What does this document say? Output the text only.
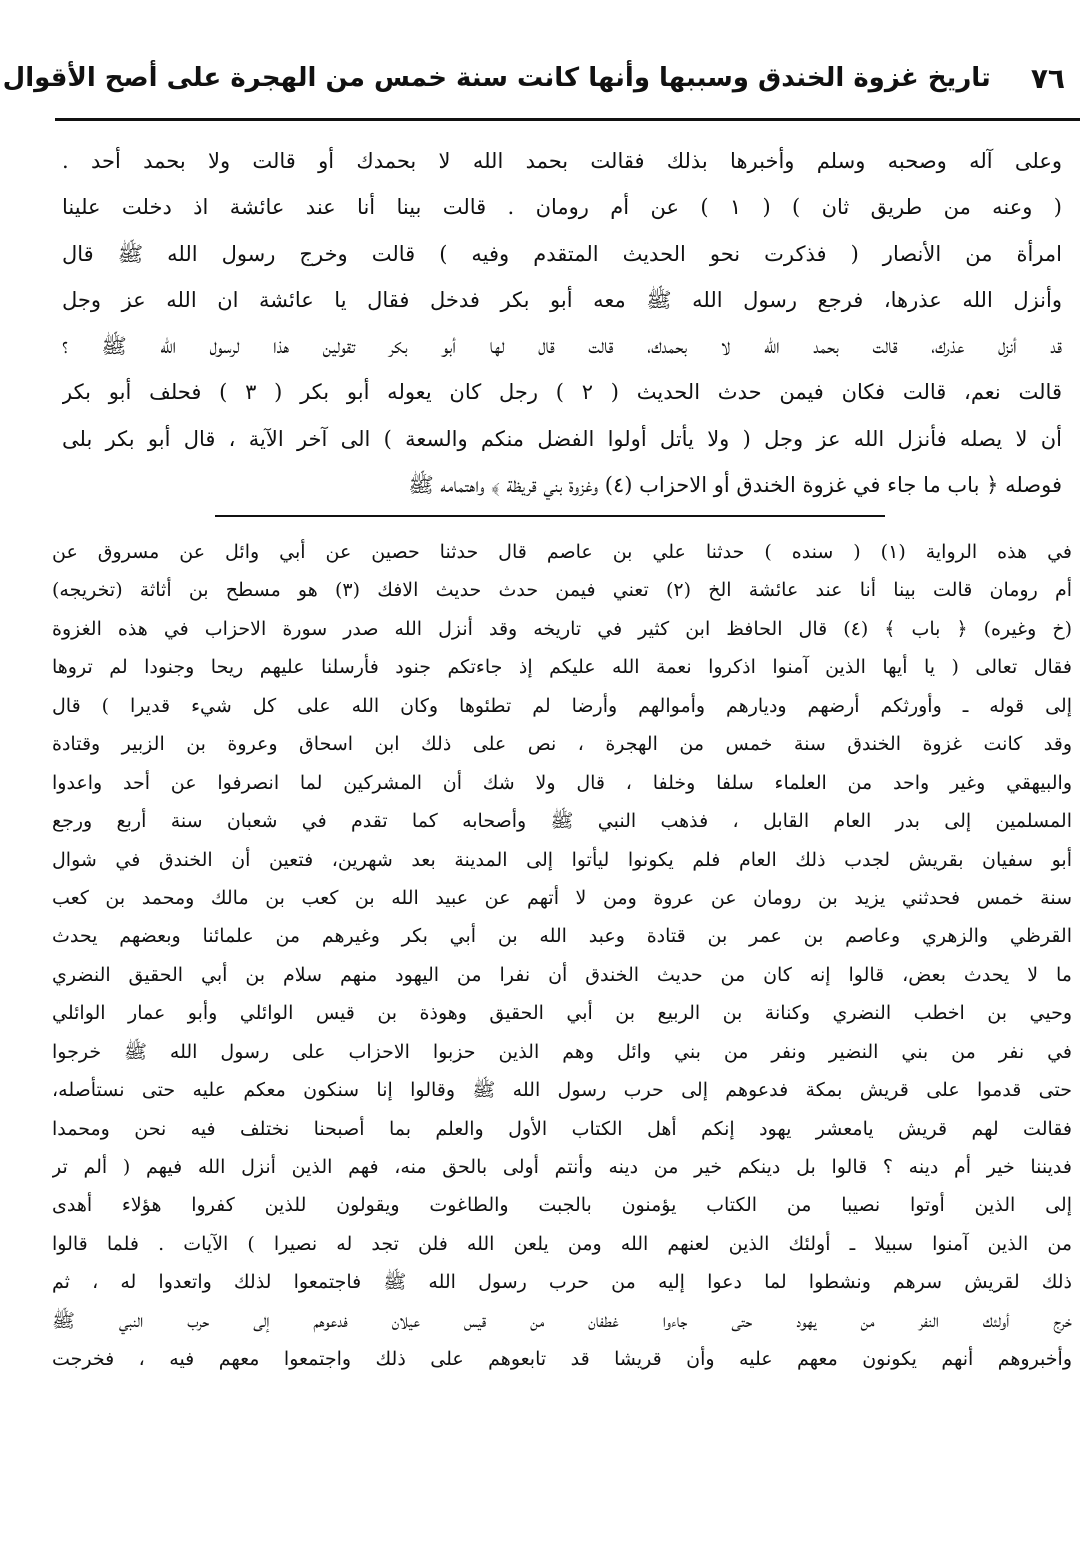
٧٦
تاريخ غزوة الخندق وسببها وأنها كانت سنة خمس من الهجرة على أصح الأقوال
وعلى آله وصحبه وسلم وأخبرها بذلك فقالت بحمد الله لا بحمدك أو قالت ولا بحمد أحد .
( وعنه من طريق ثان ) ( ١ ) عن أم رومان . قالت بينا أنا عند عائشة اذ دخلت علينا
امرأة من الأنصار ( فذكرت نحو الحديث المتقدم وفيه ) قالت وخرج رسول الله ﷺ قال
وأنزل الله عذرها، فرجع رسول الله ﷺ معه أبو بكر فدخل فقال يا عائشة ان الله عز وجل
قد أنزل عذرك، قالت بحمد الله لا بحمدك، قالت قال لها أبو بكر تقولين هذا لرسول الله ﷺ ؟
قالت نعم، قالت فكان فيمن حدث الحديث ( ٢ ) رجل كان يعوله أبو بكر ( ٣ ) فحلف أبو بكر
أن لا يصله فأنزل الله عز وجل ( ولا يأتل أولوا الفضل منكم والسعة ) الى آخر الآية ، قال أبو بكر بلى
فوصله ﴿ باب ما جاء في غزوة الخندق أو الاحزاب (٤) وغزوة بني قريظة ﴾ واهتمامه ﷺ
في هذه الرواية (١) ( سنده ) حدثنا علي بن عاصم قال حدثنا حصين عن أبي وائل عن مسروق عن
أم رومان قالت بينا أنا عند عائشة الخ (٢) تعني فيمن حدث حديث الافك (٣) هو مسطح بن أثاثة (تخريجه)
(خ وغيره) ﴿ باب ﴾ (٤) قال الحافظ ابن كثير في تاريخه وقد أنزل الله صدر سورة الاحزاب في هذه الغزوة
فقال تعالى ( يا أيها الذين آمنوا اذكروا نعمة الله عليكم إذ جاءتكم جنود فأرسلنا عليهم ريحا وجنودا لم تروها
إلى قوله ـ وأورثكم أرضهم وديارهم وأموالهم وأرضا لم تطئوها وكان الله على كل شيء قديرا ) قال
وقد كانت غزوة الخندق سنة خمس من الهجرة ، نص على ذلك ابن اسحاق وعروة بن الزبير وقتادة
والبيهقي وغير واحد من العلماء سلفا وخلفا ، قال ولا شك أن المشركين لما انصرفوا عن أحد واعدوا
المسلمين إلى بدر العام القابل ، فذهب النبي ﷺ وأصحابه كما تقدم في شعبان سنة أربع ورجع
أبو سفيان بقريش لجدب ذلك العام فلم يكونوا ليأتوا إلى المدينة بعد شهرين، فتعين أن الخندق في شوال
سنة خمس فحدثني يزيد بن رومان عن عروة ومن لا أتهم عن عبيد الله بن كعب بن مالك ومحمد بن كعب
القرظي والزهري وعاصم بن عمر بن قتادة وعبد الله بن أبي بكر وغيرهم من علمائنا وبعضهم يحدث
ما لا يحدث بعض، قالوا إنه كان من حديث الخندق أن نفرا من اليهود منهم سلام بن أبي الحقيق النضري
وحيي بن اخطب النضري وكنانة بن الربيع بن أبي الحقيق وهوذة بن قيس الوائلي وأبو عمار الوائلي
في نفر من بني النضير ونفر من بني وائل وهم الذين حزبوا الاحزاب على رسول الله ﷺ خرجوا
حتى قدموا على قريش بمكة فدعوهم إلى حرب رسول الله ﷺ وقالوا إنا سنكون معكم عليه حتى نستأصله،
فقالت لهم قريش يامعشر يهود إنكم أهل الكتاب الأول والعلم بما أصبحنا نختلف فيه نحن ومحمدا
فديننا خير أم دينه ؟ قالوا بل دينكم خير من دينه وأنتم أولى بالحق منه، فهم الذين أنزل الله فيهم ( ألم تر
إلى الذين أوتوا نصيبا من الكتاب يؤمنون بالجبت والطاغوت ويقولون للذين كفروا هؤلاء أهدى
من الذين آمنوا سبيلا ـ أولئك الذين لعنهم الله ومن يلعن الله فلن تجد له نصيرا ) الآيات . فلما قالوا
ذلك لقريش سرهم ونشطوا لما دعوا إليه من حرب رسول الله ﷺ فاجتمعوا لذلك واتعدوا له ، ثم
خرج أولئك النفر من يهود حتى جاءوا غطفان من قيس عيلان فدعوهم إلى حرب النبي ﷺ
وأخبروهم أنهم يكونون معهم عليه وأن قريشا قد تابعوهم على ذلك واجتمعوا معهم فيه ، فخرجت
